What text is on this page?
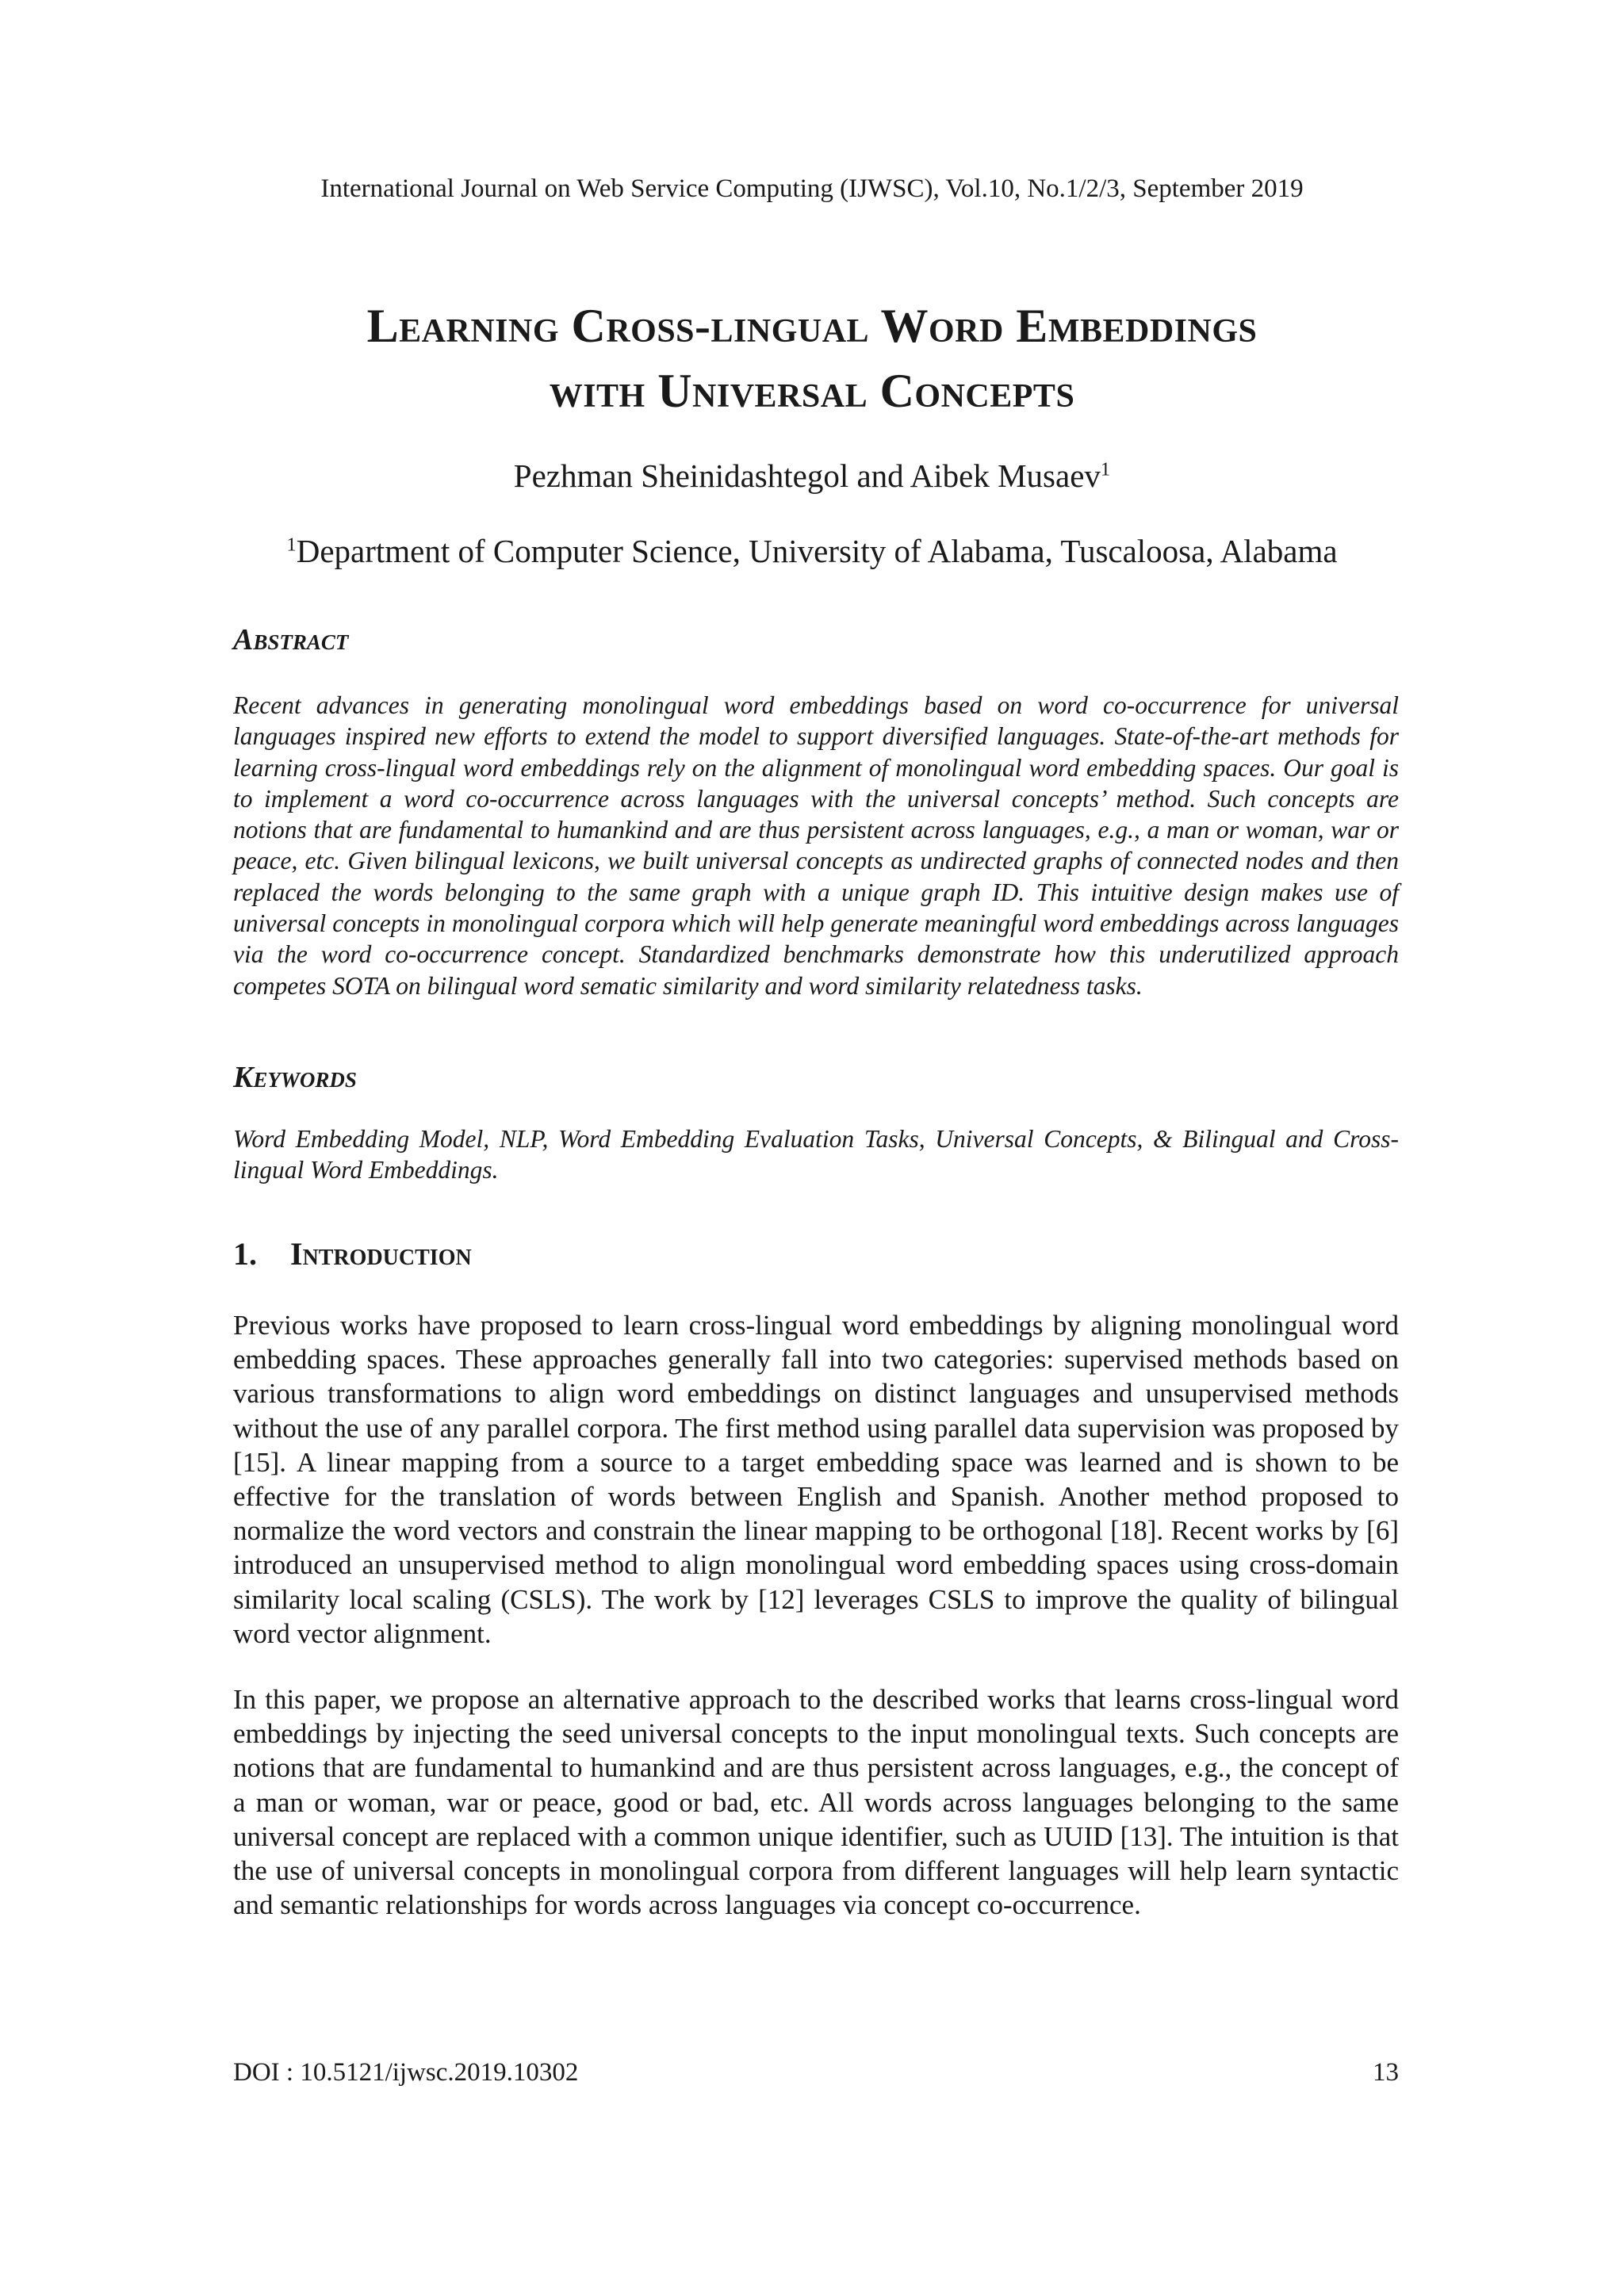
International Journal on Web Service Computing (IJWSC), Vol.10, No.1/2/3, September 2019
Learning Cross-lingual Word Embeddings
with Universal Concepts
Pezhman Sheinidashtegol and Aibek Musaev$^1$
$^1$Department of Computer Science, University of Alabama, Tuscaloosa, Alabama
Abstract
Recent advances in generating monolingual word embeddings based on word co-occurrence for universal languages inspired new efforts to extend the model to support diversified languages. State-of-the-art methods for learning cross-lingual word embeddings rely on the alignment of monolingual word embedding spaces. Our goal is to implement a word co-occurrence across languages with the universal concepts’ method. Such concepts are notions that are fundamental to humankind and are thus persistent across languages, e.g., a man or woman, war or peace, etc. Given bilingual lexicons, we built universal concepts as undirected graphs of connected nodes and then replaced the words belonging to the same graph with a unique graph ID. This intuitive design makes use of universal concepts in monolingual corpora which will help generate meaningful word embeddings across languages via the word co-occurrence concept. Standardized benchmarks demonstrate how this underutilized approach competes SOTA on bilingual word sematic similarity and word similarity relatedness tasks.
Keywords
Word Embedding Model, NLP, Word Embedding Evaluation Tasks, Universal Concepts, & Bilingual and Cross-lingual Word Embeddings.
1. Introduction
Previous works have proposed to learn cross-lingual word embeddings by aligning monolingual word embedding spaces. These approaches generally fall into two categories: supervised methods based on various transformations to align word embeddings on distinct languages and unsupervised methods without the use of any parallel corpora. The first method using parallel data supervision was proposed by [15]. A linear mapping from a source to a target embedding space was learned and is shown to be effective for the translation of words between English and Spanish. Another method proposed to normalize the word vectors and constrain the linear mapping to be orthogonal [18]. Recent works by [6] introduced an unsupervised method to align monolingual word embedding spaces using cross-domain similarity local scaling (CSLS). The work by [12] leverages CSLS to improve the quality of bilingual word vector alignment.
In this paper, we propose an alternative approach to the described works that learns cross-lingual word embeddings by injecting the seed universal concepts to the input monolingual texts. Such concepts are notions that are fundamental to humankind and are thus persistent across languages, e.g., the concept of a man or woman, war or peace, good or bad, etc. All words across languages belonging to the same universal concept are replaced with a common unique identifier, such as UUID [13]. The intuition is that the use of universal concepts in monolingual corpora from different languages will help learn syntactic and semantic relationships for words across languages via concept co-occurrence.
DOI : 10.5121/ijwsc.2019.10302	13
